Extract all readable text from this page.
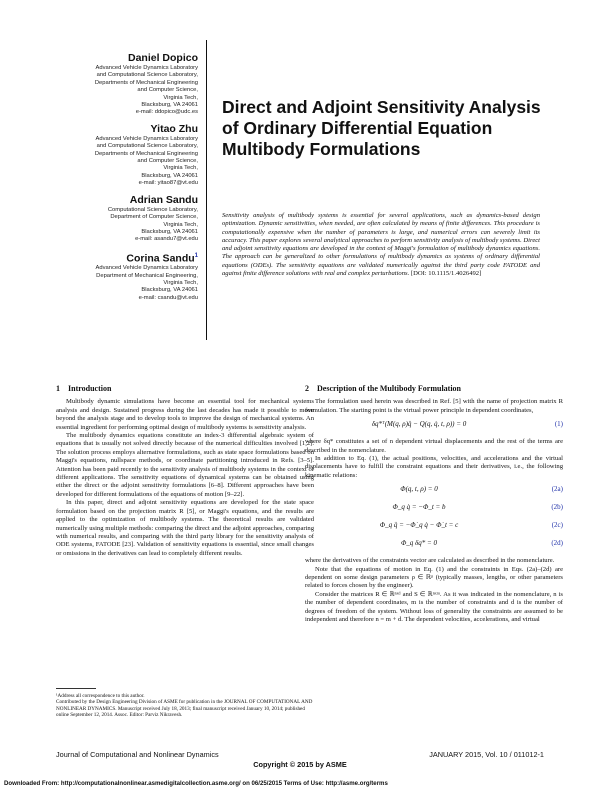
Daniel Dopico
Advanced Vehicle Dynamics Laboratory
and Computational Science Laboratory,
Departments of Mechanical Engineering
and Computer Science,
Virginia Tech,
Blacksburg, VA 24061
e-mail: ddopico@udc.es
Yitao Zhu
Advanced Vehicle Dynamics Laboratory
and Computational Science Laboratory,
Departments of Mechanical Engineering
and Computer Science,
Virginia Tech,
Blacksburg, VA 24061
e-mail: yitao87@vt.edu
Adrian Sandu
Computational Science Laboratory,
Department of Computer Science,
Virginia Tech,
Blacksburg, VA 24061
e-mail: asandu7@vt.edu
Corina Sandu$^1$
Advanced Vehicle Dynamics Laboratory
Department of Mechanical Engineering,
Virginia Tech,
Blacksburg, VA 24061
e-mail: csandu@vt.edu
Direct and Adjoint Sensitivity Analysis of Ordinary Differential Equation Multibody Formulations
Sensitivity analysis of multibody systems is essential for several applications, such as dynamics-based design optimization. Dynamic sensitivities, when needed, are often calculated by means of finite differences. This procedure is computationally expensive when the number of parameters is large, and numerical errors can severely limit its accuracy. This paper explores several analytical approaches to perform sensitivity analysis of multibody systems. Direct and adjoint sensitivity equations are developed in the context of Maggi's formulation of multibody dynamics equations. The approach can be generalized to other formulations of multibody dynamics as systems of ordinary differential equations (ODEs). The sensitivity equations are validated numerically against the third party code FATODE and against finite difference solutions with real and complex perturbations. [DOI: 10.1115/1.4026492]
1 Introduction

Multibody dynamic simulations have become an essential tool for mechanical systems analysis and design. Sustained progress during the last decades has made it possible to move beyond the analysis stage and to develop tools to improve the design of mechanical systems. An essential ingredient for performing optimal design of multibody systems is sensitivity analysis.

The multibody dynamics equations constitute an index-3 differential algebraic system of equations that is usually not solved directly because of the numerical difficulties involved [1,2]. The solution process employs alternative formulations, such as state space formulations based on Maggi's equations, nullspace methods, or coordinate partitioning introduced in Refs. [3–5]. Attention has been paid recently to the sensitivity analysis of multibody systems in the context of different applications. The sensitivity equations of dynamical systems can be obtained using either the direct or the adjoint sensitivity formulations [6–8]. Different approaches have been developed for different formulations of the equations of motion [9–22].

In this paper, direct and adjoint sensitivity equations are developed for the state space formulation based on the projection matrix R [5], or Maggi's equations, and the results are applied to the optimization of multibody systems. The theoretical results are validated numerically using multiple methods: comparing the direct and the adjoint approaches, comparing with numerical results, and comparing with the third party library for the sensitivity analysis of ODE systems, FATODE [23]. Validation of sensitivity equations is essential, since small changes or omissions in the derivatives can lead to completely different results.

2 Description of the Multibody Formulation

The formulation used herein was described in Ref. [5] with the name of projection matrix R formulation. The starting point is the virtual power principle in dependent coordinates,

δq*ᵀ(M(q, ρ)q̈ − Q(q, q̇, t, ρ)) = 0	(1)

where δq* constitutes a set of n dependent virtual displacements and the rest of the terms are described in the nomenclature.

In addition to Eq. (1), the actual positions, velocities, and accelerations and the virtual displacements have to fulfill the constraint equations and their derivatives, i.e., the following kinematic relations:

Φ(q, t, ρ) = 0	(2a)
Φ_q q̇ = −Φ_t = b	(2b)
Φ_q q̈ = −Φ̇_q q̇ − Φ̇_t = c	(2c)
Φ_q δq* = 0	(2d)

where the derivatives of the constraints vector are calculated as described in the nomenclature.

Note that the equations of motion in Eq. (1) and the constraints in Eqs. (2a)–(2d) are dependent on some design parameters ρ ∈ ℝᵖ (typically masses, lengths, or other parameters related to forces chosen by the engineer).

Consider the matrices R ∈ ℝⁿˣᵈ and S ∈ ℝⁿˣᵐ. As it was indicated in the nomenclature, n is the number of dependent coordinates, m is the number of constraints and d is the number of degrees of freedom of the system. Without loss of generality the constraints are assumed to be independent and therefore n = m + d. The dependent velocities, accelerations, and virtual

¹Address all correspondence to this author.

Contributed by the Design Engineering Division of ASME for publication in the JOURNAL OF COMPUTATIONAL AND NONLINEAR DYNAMICS. Manuscript received July 18, 2013; final manuscript received January 10, 2014; published online September 12, 2014. Assoc. Editor: Parviz Nikravesh.

Journal of Computational and Nonlinear Dynamics	JANUARY 2015, Vol. 10 / 011012-1
Copyright © 2015 by ASME
Downloaded From: http://computationalnonlinear.asmedigitalcollection.asme.org/ on 06/25/2015 Terms of Use: http://asme.org/terms
